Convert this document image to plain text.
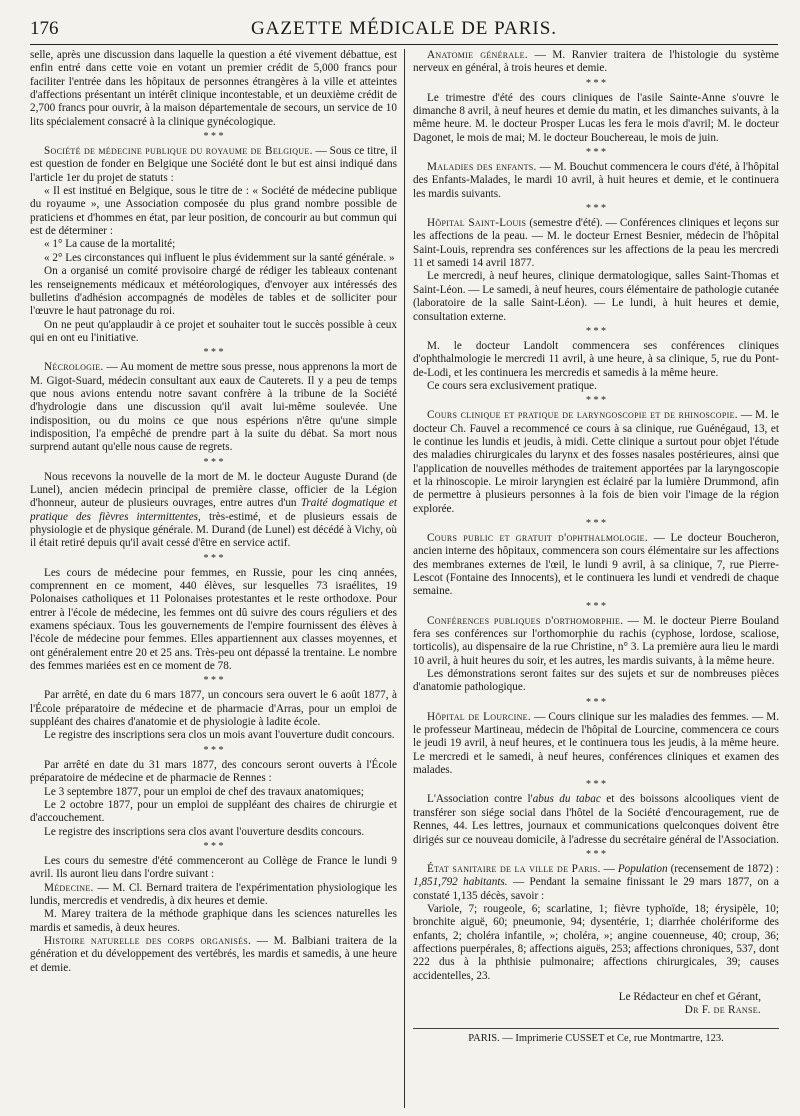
176	GAZETTE MÉDICALE DE PARIS.

selle, après une discussion dans laquelle la question a été vivement débattue, est enfin entré dans cette voie en votant un premier crédit de 5,000 francs pour faciliter l'entrée dans les hôpitaux de personnes étrangères à la ville et atteintes d'affections présentant un intérêt clinique incontestable, et un deuxième crédit de 2,700 francs pour ouvrir, à la maison départementale de secours, un service de 10 lits spécialement consacré à la clinique gynécologique.

* * *

Société de médecine publique du royaume de Belgique. — Sous ce titre, il est question de fonder en Belgique une Société dont le but est ainsi indiqué dans l'article 1er du projet de statuts :

« Il est institué en Belgique, sous le titre de : « Société de médecine publique du royaume », une Association composée du plus grand nombre possible de praticiens et d'hommes en état, par leur position, de concourir au but commun qui est de déterminer :

« 1° La cause de la mortalité;

« 2° Les circonstances qui influent le plus évidemment sur la santé générale. »

On a organisé un comité provisoire chargé de rédiger les tableaux contenant les renseignements médicaux et météorologiques, d'envoyer aux intéressés des bulletins d'adhésion accompagnés de modèles de tables et de solliciter pour l'œuvre le haut patronage du roi.

On ne peut qu'applaudir à ce projet et souhaiter tout le succès possible à ceux qui en ont eu l'initiative.

* * *

Nécrologie. — Au moment de mettre sous presse, nous apprenons la mort de M. Gigot-Suard, médecin consultant aux eaux de Cauterets. Il y a peu de temps que nous avions entendu notre savant confrère à la tribune de la Société d'hydrologie dans une discussion qu'il avait lui-même soulevée. Une indisposition, ou du moins ce que nous espérions n'être qu'une simple indisposition, l'a empêché de prendre part à la suite du débat. Sa mort nous surprend autant qu'elle nous cause de regrets.

* * *

Nous recevons la nouvelle de la mort de M. le docteur Auguste Durand (de Lunel), ancien médecin principal de première classe, officier de la Légion d'honneur, auteur de plusieurs ouvrages, entre autres d'un Traité dogmatique et pratique des fièvres intermittentes, très-estimé, et de plusieurs essais de physiologie et de physique générale. M. Durand (de Lunel) est décédé à Vichy, où il était retiré depuis qu'il avait cessé d'être en service actif.

* * *

Les cours de médecine pour femmes, en Russie, pour les cinq années, comprennent en ce moment, 440 élèves, sur lesquelles 73 israélites, 19 Polonaises catholiques et 11 Polonaises protestantes et le reste orthodoxe. Pour entrer à l'école de médecine, les femmes ont dû suivre des cours réguliers et des examens spéciaux. Tous les gouvernements de l'empire fournissent des élèves à l'école de médecine pour femmes. Elles appartiennent aux classes moyennes, et ont généralement entre 20 et 25 ans. Très-peu ont dépassé la trentaine. Le nombre des femmes mariées est en ce moment de 78.

* * *

Par arrêté, en date du 6 mars 1877, un concours sera ouvert le 6 août 1877, à l'École préparatoire de médecine et de pharmacie d'Arras, pour un emploi de suppléant des chaires d'anatomie et de physiologie à ladite école.

Le registre des inscriptions sera clos un mois avant l'ouverture dudit concours.

* * *

Par arrêté en date du 31 mars 1877, des concours seront ouverts à l'École préparatoire de médecine et de pharmacie de Rennes :

Le 3 septembre 1877, pour un emploi de chef des travaux anatomiques;

Le 2 octobre 1877, pour un emploi de suppléant des chaires de chirurgie et d'accouchement.

Le registre des inscriptions sera clos avant l'ouverture desdits concours.

* * *

Les cours du semestre d'été commenceront au Collège de France le lundi 9 avril. Ils auront lieu dans l'ordre suivant :

Médecine. — M. Cl. Bernard traitera de l'expérimentation physiologique les lundis, mercredis et vendredis, à dix heures et demie.

M. Marey traitera de la méthode graphique dans les sciences naturelles les mardis et samedis, à deux heures.

Histoire naturelle des corps organisés. — M. Balbiani traitera de la génération et du développement des vertébrés, les mardis et samedis, à une heure et demie.

Anatomie générale. — M. Ranvier traitera de l'histologie du système nerveux en général, à trois heures et demie.

* * *

Le trimestre d'été des cours cliniques de l'asile Sainte-Anne s'ouvre le dimanche 8 avril, à neuf heures et demie du matin, et les dimanches suivants, à la même heure. M. le docteur Prosper Lucas les fera le mois d'avril; M. le docteur Dagonet, le mois de mai; M. le docteur Bouchereau, le mois de juin.

* * *

Maladies des enfants. — M. Bouchut commencera le cours d'été, à l'hôpital des Enfants-Malades, le mardi 10 avril, à huit heures et demie, et le continuera les mardis suivants.

* * *

Hôpital Saint-Louis (semestre d'été). — Conférences cliniques et leçons sur les affections de la peau. — M. le docteur Ernest Besnier, médecin de l'hôpital Saint-Louis, reprendra ses conférences sur les affections de la peau les mercredi 11 et samedi 14 avril 1877.

Le mercredi, à neuf heures, clinique dermatologique, salles Saint-Thomas et Saint-Léon. — Le samedi, à neuf heures, cours élémentaire de pathologie cutanée (laboratoire de la salle Saint-Léon). — Le lundi, à huit heures et demie, consultation externe.

* * *

M. le docteur Landolt commencera ses conférences cliniques d'ophthalmologie le mercredi 11 avril, à une heure, à sa clinique, 5, rue du Pont-de-Lodi, et les continuera les mercredis et samedis à la même heure.

Ce cours sera exclusivement pratique.

* * *

Cours clinique et pratique de laryngoscopie et de rhinoscopie. — M. le docteur Ch. Fauvel a recommencé ce cours à sa clinique, rue Guénégaud, 13, et le continue les lundis et jeudis, à midi. Cette clinique a surtout pour objet l'étude des maladies chirurgicales du larynx et des fosses nasales postérieures, ainsi que l'application de nouvelles méthodes de traitement apportées par la laryngoscopie et la rhinoscopie. Le miroir laryngien est éclairé par la lumière Drummond, afin de permettre à plusieurs personnes à la fois de bien voir l'image de la région explorée.

* * *

Cours public et gratuit d'ophthalmologie. — Le docteur Boucheron, ancien interne des hôpitaux, commencera son cours élémentaire sur les affections des membranes externes de l'œil, le lundi 9 avril, à sa clinique, 7, rue Pierre-Lescot (Fontaine des Innocents), et le continuera les lundi et vendredi de chaque semaine.

* * *

Conférences publiques d'orthomorphie. — M. le docteur Pierre Bouland fera ses conférences sur l'orthomorphie du rachis (cyphose, lordose, scaliose, torticolis), au dispensaire de la rue Christine, n° 3. La première aura lieu le mardi 10 avril, à huit heures du soir, et les autres, les mardis suivants, à la même heure.

Les démonstrations seront faites sur des sujets et sur de nombreuses pièces d'anatomie pathologique.

* * *

Hôpital de Lourcine. — Cours clinique sur les maladies des femmes. — M. le professeur Martineau, médecin de l'hôpital de Lourcine, commencera ce cours le jeudi 19 avril, à neuf heures, et le continuera tous les jeudis, à la même heure. Le mercredi et le samedi, à neuf heures, conférences cliniques et examen des malades.

* * *

L'Association contre l'abus du tabac et des boissons alcooliques vient de transférer son siége social dans l'hôtel de la Société d'encouragement, rue de Rennes, 44. Les lettres, journaux et communications quelconques doivent être dirigés sur ce nouveau domicile, à l'adresse du secrétaire général de l'Association.

* * *

État sanitaire de la ville de Paris. — Population (recensement de 1872) : 1,851,792 habitants. — Pendant la semaine finissant le 29 mars 1877, on a constaté 1,135 décès, savoir :

Variole, 7; rougeole, 6; scarlatine, 1; fièvre typhoïde, 18; érysipèle, 10; bronchite aiguë, 60; pneumonie, 94; dysentérie, 1; diarrhée cholériforme des enfants, 2; choléra infantile, »; choléra, »; angine couenneuse, 40; croup, 36; affections puerpérales, 8; affections aiguës, 253; affections chroniques, 537, dont 222 dus à la phthisie pulmonaire; affections chirurgicales, 39; causes accidentelles, 23.

Le Rédacteur en chef et Gérant,
Dr F. de Ranse.
PARIS. — Imprimerie CUSSET et Ce, rue Montmartre, 123.
